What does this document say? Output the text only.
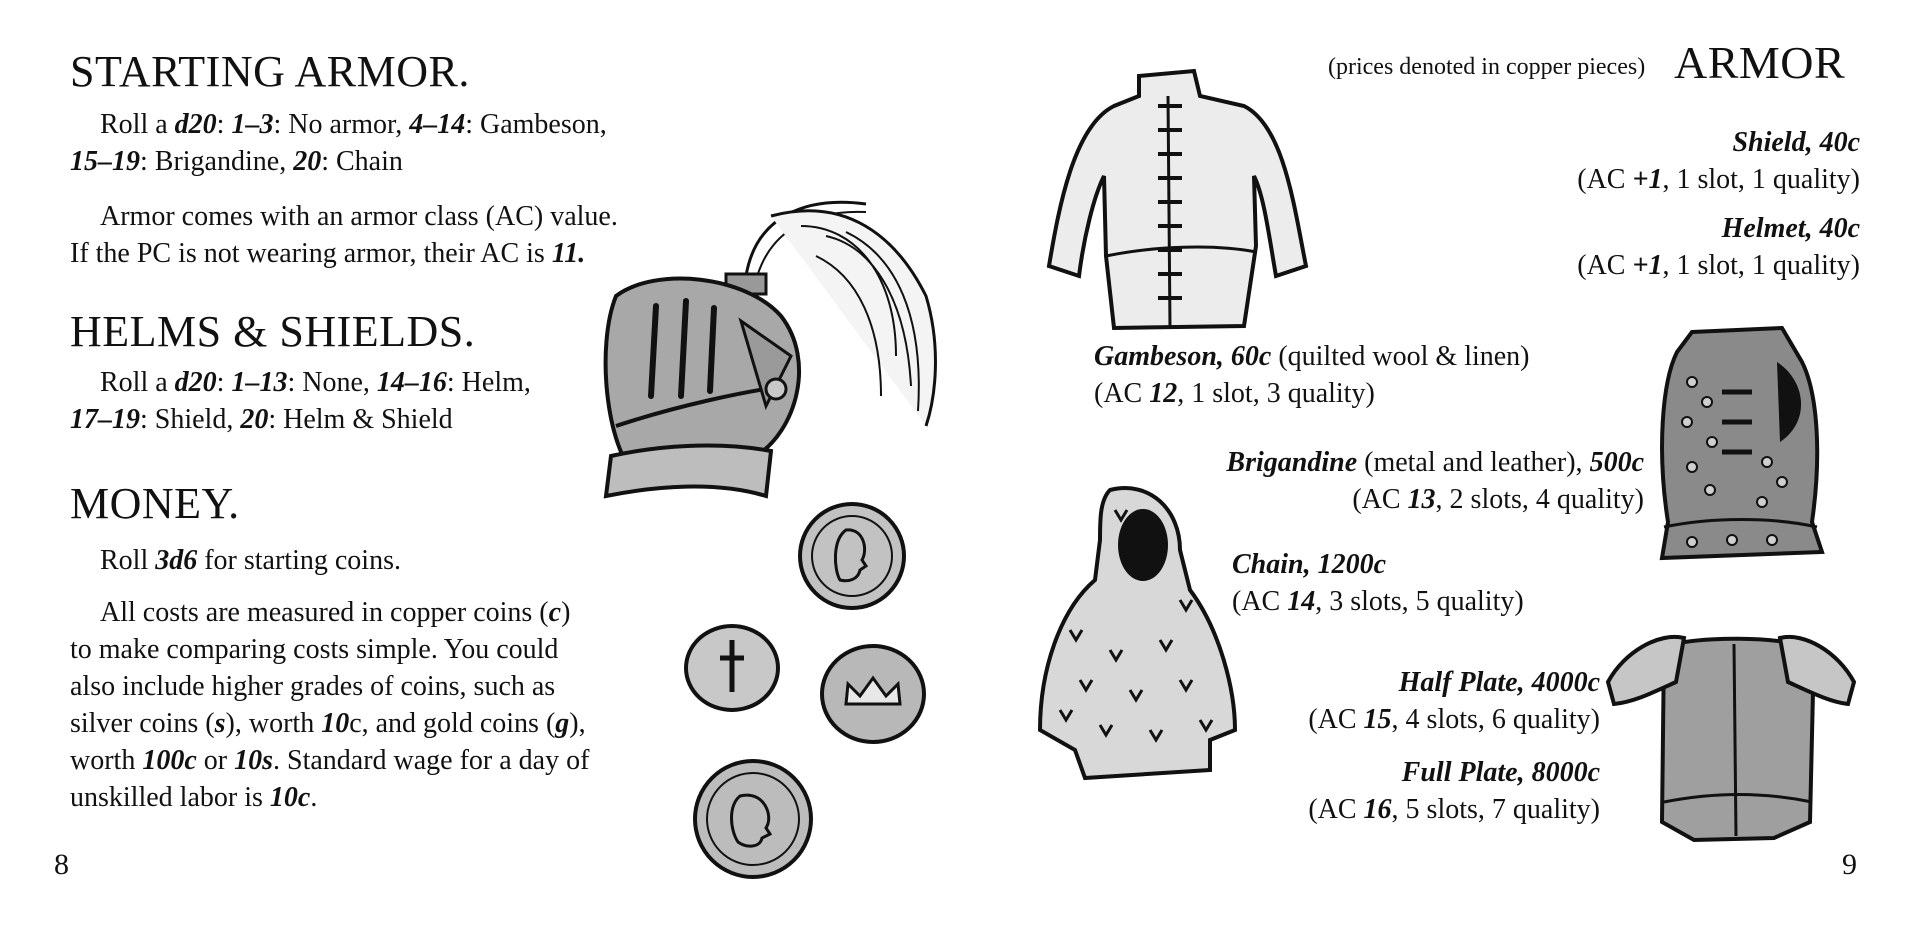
STARTING ARMOR.
Roll a d20: 1–3: No armor, 4–14: Gambeson,
15–19: Brigandine, 20: Chain
Armor comes with an armor class (AC) value.
If the PC is not wearing armor, their AC is 11.
HELMS & SHIELDS.
Roll a d20: 1–13: None, 14–16: Helm,
17–19: Shield, 20: Helm & Shield
MONEY.
Roll 3d6 for starting coins.
All costs are measured in copper coins (c)
to make comparing costs simple. You could
also include higher grades of coins, such as
silver coins (s), worth 10c, and gold coins (g),
worth 100c or 10s. Standard wage for a day of
unskilled labor is 10c.
8
(prices denoted in copper pieces) ARMOR
Shield, 40c
(AC +1, 1 slot, 1 quality)
Helmet, 40c
(AC +1, 1 slot, 1 quality)
Gambeson, 60c (quilted wool & linen)
(AC 12, 1 slot, 3 quality)
Brigandine (metal and leather), 500c
(AC 13, 2 slots, 4 quality)
Chain, 1200c
(AC 14, 3 slots, 5 quality)
Half Plate, 4000c
(AC 15, 4 slots, 6 quality)
Full Plate, 8000c
(AC 16, 5 slots, 7 quality)
9
